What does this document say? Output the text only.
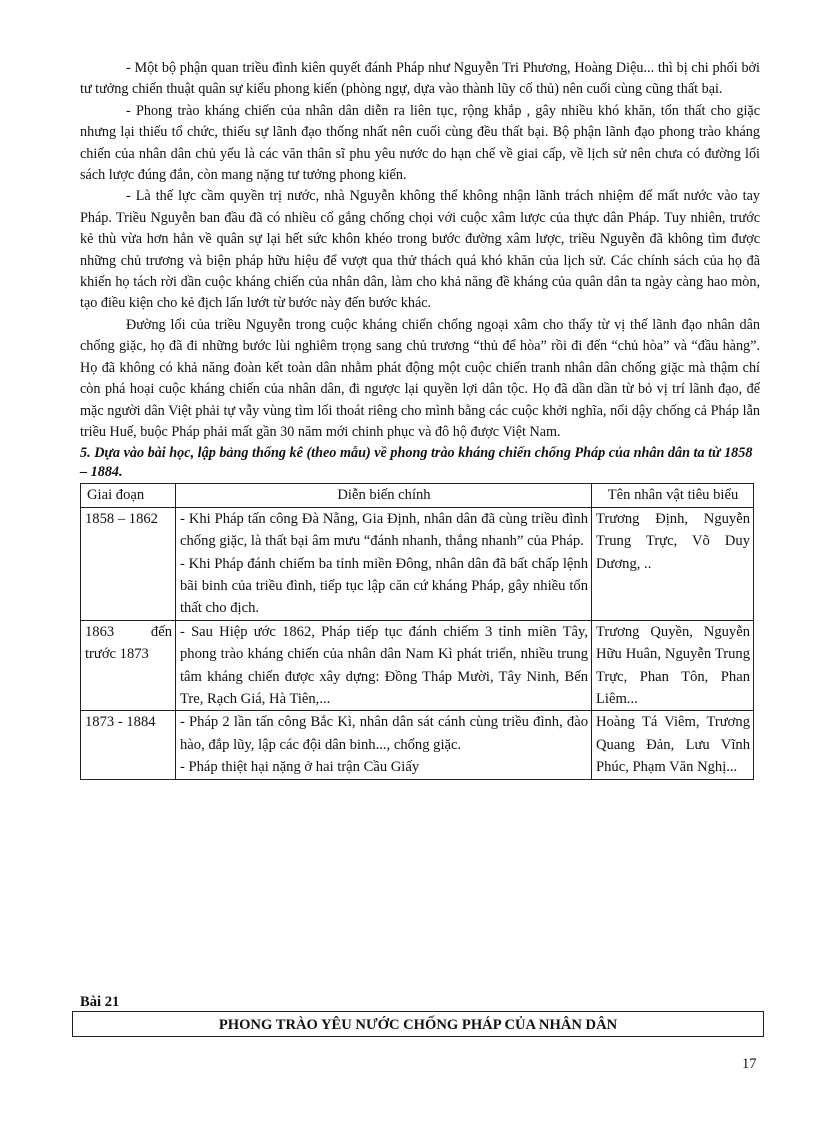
- Một bộ phận quan triều đình kiên quyết đánh Pháp như Nguyễn Tri Phương, Hoàng Diệu... thì bị chi phối bởi tư tưởng chiến thuật quân sự kiểu phong kiến (phòng ngự, dựa vào thành lũy cố thủ) nên cuối cùng cũng thất bại.

- Phong trào kháng chiến của nhân dân diễn ra liên tục, rộng khắp , gây nhiều khó khăn, tổn thất cho giặc nhưng lại thiếu tổ chức, thiếu sự lãnh đạo thống nhất nên cuối cùng đều thất bại. Bộ phận lãnh đạo phong trào kháng chiến của nhân dân chủ yếu là các văn thân sĩ phu yêu nước do hạn chế về giai cấp, về lịch sử nên chưa có đường lối sách lược đúng đắn, còn mang nặng tư tưởng phong kiến.

- Là thế lực cầm quyền trị nước, nhà Nguyễn không thể không nhận lãnh trách nhiệm để mất nước vào tay Pháp. Triều Nguyễn ban đầu đã có nhiều cố gắng chống chọi với cuộc xâm lược của thực dân Pháp. Tuy nhiên, trước kẻ thù vừa hơn hẳn về quân sự lại hết sức khôn khéo trong bước đường xâm lược, triều Nguyễn đã không tìm được những chủ trương và biện pháp hữu hiệu để vượt qua thử thách quá khó khăn của lịch sử. Các chính sách của họ đã khiến họ tách rời dần cuộc kháng chiến của nhân dân, làm cho khả năng đề kháng của quân dân ta ngày càng hao mòn, tạo điều kiện cho kẻ địch lấn lướt từ bước này đến bước khác.

Đường lối của triều Nguyễn trong cuộc kháng chiến chống ngoại xâm cho thấy từ vị thế lãnh đạo nhân dân chống giặc, họ đã đi những bước lùi nghiêm trọng sang chủ trương “thủ để hòa” rồi đi đến “chủ hòa” và “đầu hàng”. Họ đã không có khả năng đoàn kết toàn dân nhằm phát động một cuộc chiến tranh nhân dân chống giặc mà thậm chí còn phá hoại cuộc kháng chiến của nhân dân, đi ngược lại quyền lợi dân tộc. Họ đã dần dần từ bỏ vị trí lãnh đạo, để mặc người dân Việt phải tự vẫy vùng tìm lối thoát riêng cho mình bằng các cuộc khởi nghĩa, nổi dậy chống cả Pháp lẫn triều Huế, buộc Pháp phải mất gần 30 năm mới chinh phục và đô hộ được Việt Nam.

5. Dựa vào bài học, lập bảng thống kê (theo mẫu) về phong trào kháng chiến chống Pháp của nhân dân ta từ 1858 – 1884.

Giai đoạn	Diễn biến chính	Tên nhân vật tiêu biểu
1858 – 1862	- Khi Pháp tấn công Đà Nẵng, Gia Định, nhân dân đã cùng triều đình chống giặc, là thất bại âm mưu “đánh nhanh, thắng nhanh” của Pháp.
- Khi Pháp đánh chiếm ba tỉnh miền Đông, nhân dân đã bất chấp lệnh bãi binh của triều đình, tiếp tục lập căn cứ kháng Pháp, gây nhiều tổn thất cho địch.	Trương Định, Nguyễn Trung Trực, Võ Duy Dương, ..
1863 đến trước 1873	- Sau Hiệp ước 1862, Pháp tiếp tục đánh chiếm 3 tỉnh miền Tây, phong trào kháng chiến của nhân dân Nam Kì phát triển, nhiều trung tâm kháng chiến được xây dựng: Đồng Tháp Mười, Tây Ninh, Bến Tre, Rạch Giá, Hà Tiên,...	Trương Quyền, Nguyễn Hữu Huân, Nguyễn Trung Trực, Phan Tôn, Phan Liêm...
1873 - 1884	- Pháp 2 lần tấn công Bắc Kì, nhân dân sát cánh cùng triều đình, đào hào, đắp lũy, lập các đội dân binh..., chống giặc.
- Pháp thiệt hại nặng ở hai trận Cầu Giấy	Hoàng Tá Viêm, Trương Quang Đản, Lưu Vĩnh Phúc, Phạm Văn Nghị...
Bài 21
PHONG TRÀO YÊU NƯỚC CHỐNG PHÁP CỦA NHÂN DÂN
17
